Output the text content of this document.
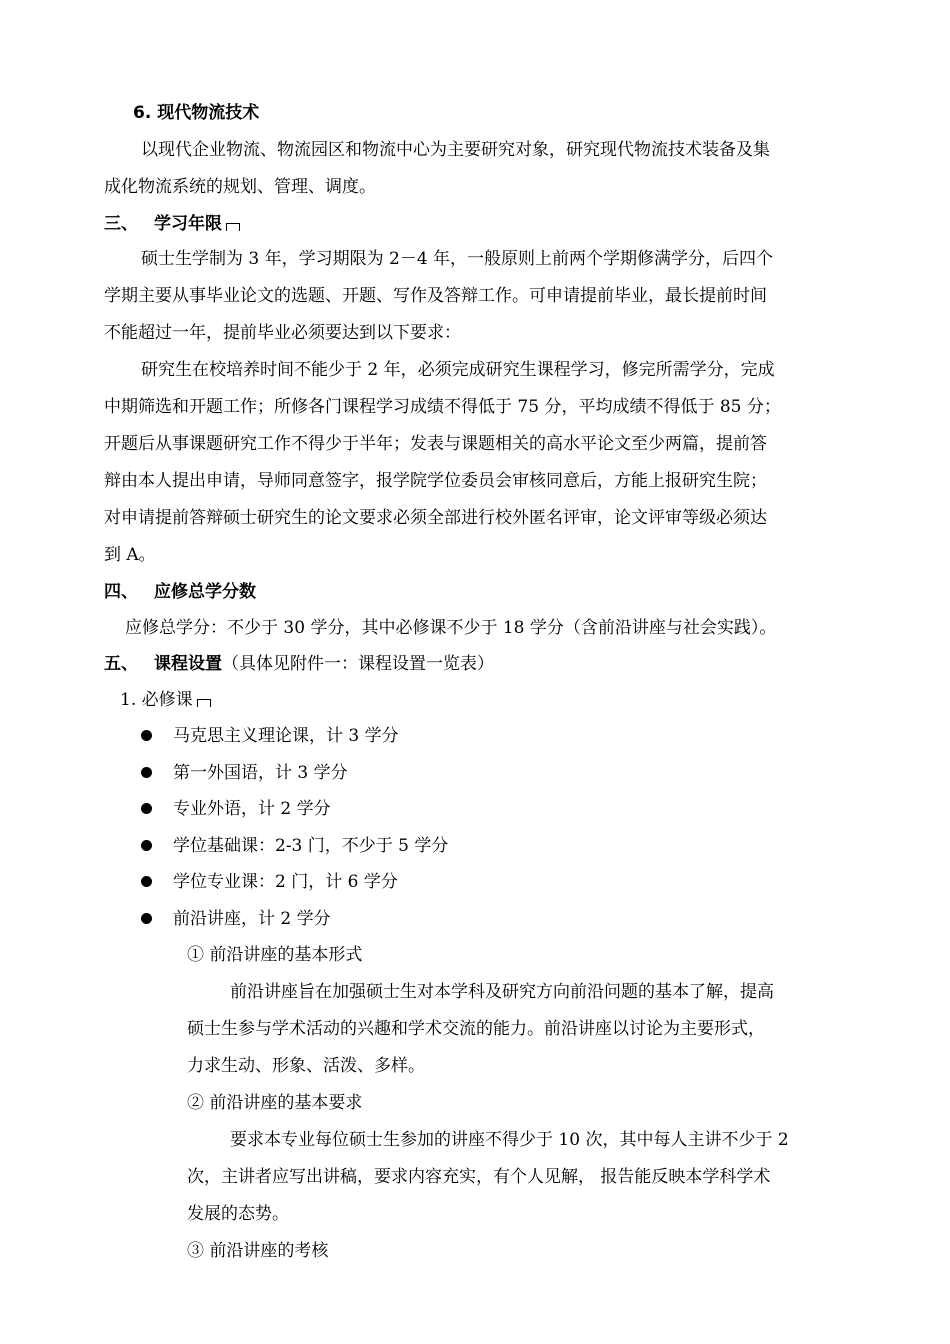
6. 现代物流技术
以现代企业物流、物流园区和物流中心为主要研究对象，研究现代物流技术装备及集
成化物流系统的规划、管理、调度。
三、 学习年限
硕士生学制为 3 年，学习期限为 2－4 年，一般原则上前两个学期修满学分，后四个
学期主要从事毕业论文的选题、开题、写作及答辩工作。可申请提前毕业，最长提前时间
不能超过一年，提前毕业必须要达到以下要求：
研究生在校培养时间不能少于 2 年，必须完成研究生课程学习，修完所需学分，完成
中期筛选和开题工作；所修各门课程学习成绩不得低于 75 分，平均成绩不得低于 85 分；
开题后从事课题研究工作不得少于半年；发表与课题相关的高水平论文至少两篇，提前答
辩由本人提出申请，导师同意签字，报学院学位委员会审核同意后，方能上报研究生院；
对申请提前答辩硕士研究生的论文要求必须全部进行校外匿名评审，论文评审等级必须达
到 A。
四、 应修总学分数
应修总学分：不少于 30 学分，其中必修课不少于 18 学分（含前沿讲座与社会实践）。
五、 课程设置（具体见附件一：课程设置一览表）
1. 必修课
马克思主义理论课，计 3 学分
第一外国语，计 3 学分
专业外语，计 2 学分
学位基础课：2-3 门，不少于 5 学分
学位专业课：2 门，计 6 学分
前沿讲座，计 2 学分
① 前沿讲座的基本形式
前沿讲座旨在加强硕士生对本学科及研究方向前沿问题的基本了解，提高
硕士生参与学术活动的兴趣和学术交流的能力。前沿讲座以讨论为主要形式，
力求生动、形象、活泼、多样。
② 前沿讲座的基本要求
要求本专业每位硕士生参加的讲座不得少于 10 次，其中每人主讲不少于 2
次，主讲者应写出讲稿，要求内容充实，有个人见解， 报告能反映本学科学术
发展的态势。
③ 前沿讲座的考核
